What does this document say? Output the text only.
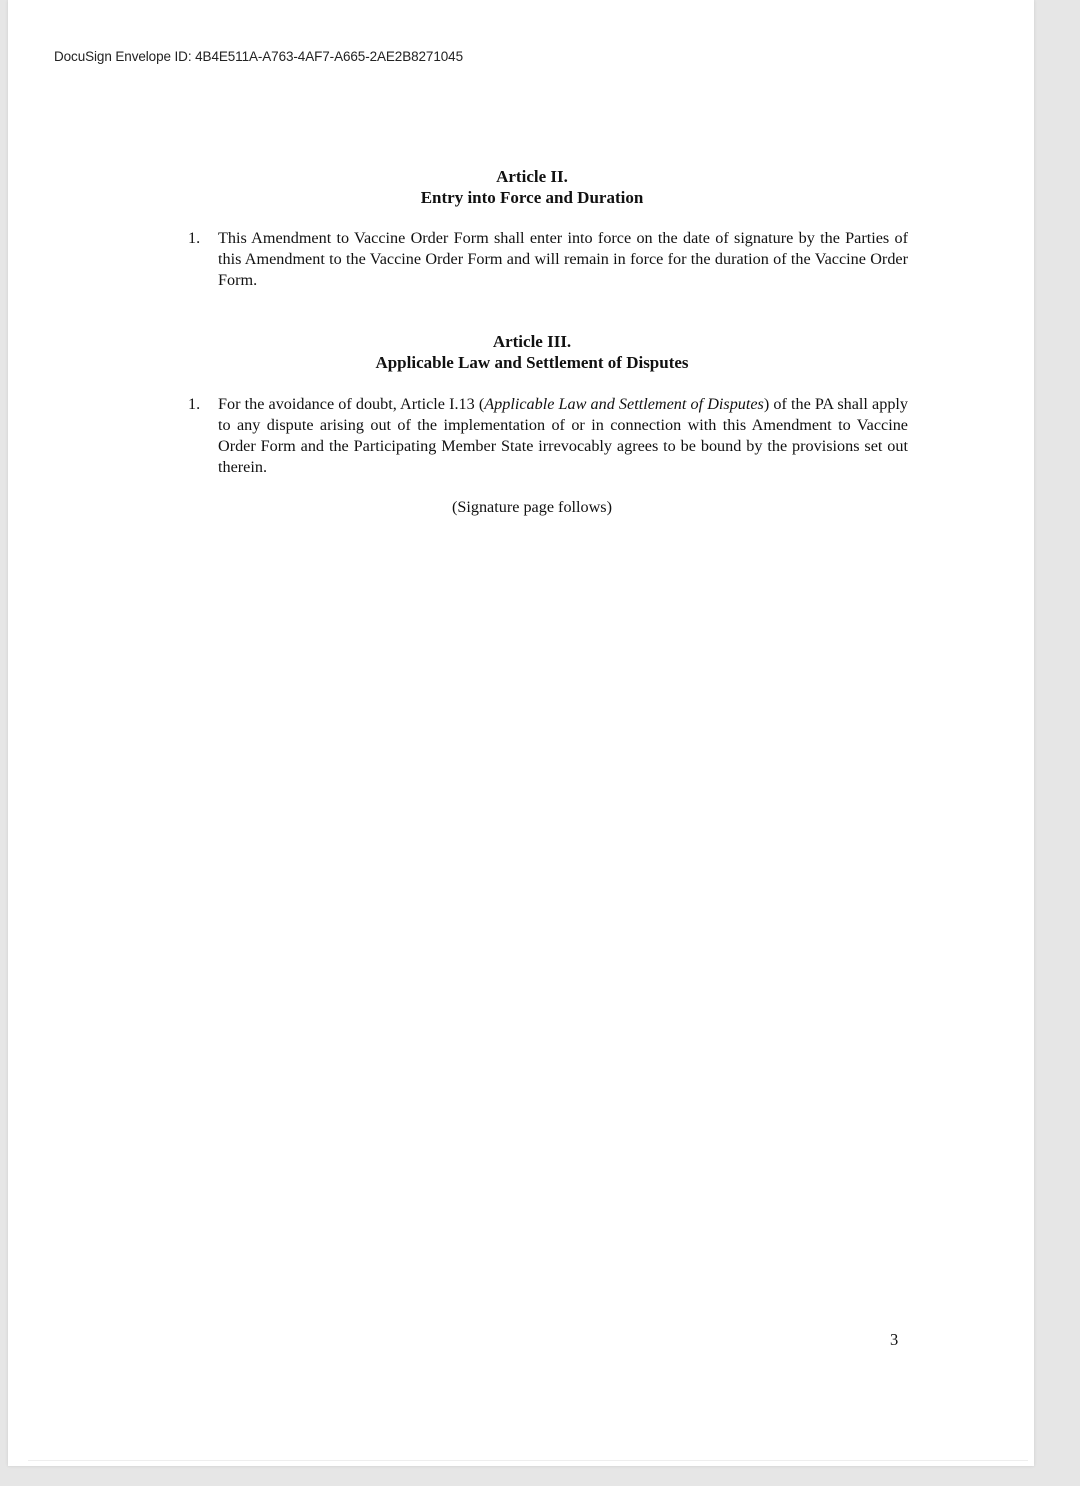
DocuSign Envelope ID: 4B4E511A-A763-4AF7-A665-2AE2B8271045
Article II.
Entry into Force and Duration
1. This Amendment to Vaccine Order Form shall enter into force on the date of signature by the Parties of this Amendment to the Vaccine Order Form and will remain in force for the duration of the Vaccine Order Form.
Article III.
Applicable Law and Settlement of Disputes
1. For the avoidance of doubt, Article I.13 (Applicable Law and Settlement of Disputes) of the PA shall apply to any dispute arising out of the implementation of or in connection with this Amendment to Vaccine Order Form and the Participating Member State irrevocably agrees to be bound by the provisions set out therein.
(Signature page follows)
3
